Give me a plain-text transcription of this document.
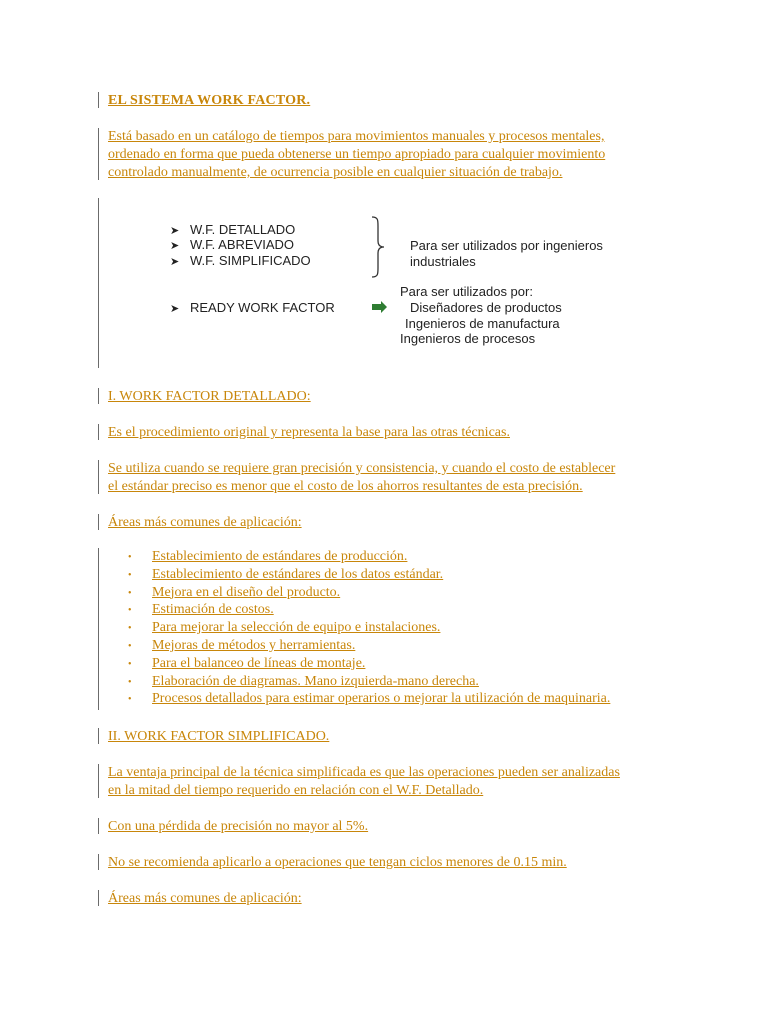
EL SISTEMA WORK FACTOR.
Está basado en un catálogo de tiempos para movimientos manuales y procesos mentales,
ordenado en forma que pueda obtenerse un tiempo apropiado para cualquier movimiento
controlado manualmente, de ocurrencia posible en cualquier situación de trabajo.
➤ W.F. DETALLADO
➤ W.F. ABREVIADO
➤ W.F. SIMPLIFICADO
Para ser utilizados por ingenieros
industriales
➤ READY WORK FACTOR
Para ser utilizados por:
Diseñadores de productos
Ingenieros de manufactura
Ingenieros de procesos
I. WORK FACTOR DETALLADO:
Es el procedimiento original y representa la base para las otras técnicas.
Se utiliza cuando se requiere gran precisión y consistencia, y cuando el costo de establecer
el estándar preciso es menor que el costo de los ahorros resultantes de esta precisión.
Áreas más comunes de aplicación:
• Establecimiento de estándares de producción.
• Establecimiento de estándares de los datos estándar.
• Mejora en el diseño del producto.
• Estimación de costos.
• Para mejorar la selección de equipo e instalaciones.
• Mejoras de métodos y herramientas.
• Para el balanceo de líneas de montaje.
• Elaboración de diagramas. Mano izquierda-mano derecha.
• Procesos detallados para estimar operarios o mejorar la utilización de maquinaria.
II. WORK FACTOR SIMPLIFICADO.
La ventaja principal de la técnica simplificada es que las operaciones pueden ser analizadas
en la mitad del tiempo requerido en relación con el W.F. Detallado.
Con una pérdida de precisión no mayor al 5%.
No se recomienda aplicarlo a operaciones que tengan ciclos menores de 0.15 min.
Áreas más comunes de aplicación:
